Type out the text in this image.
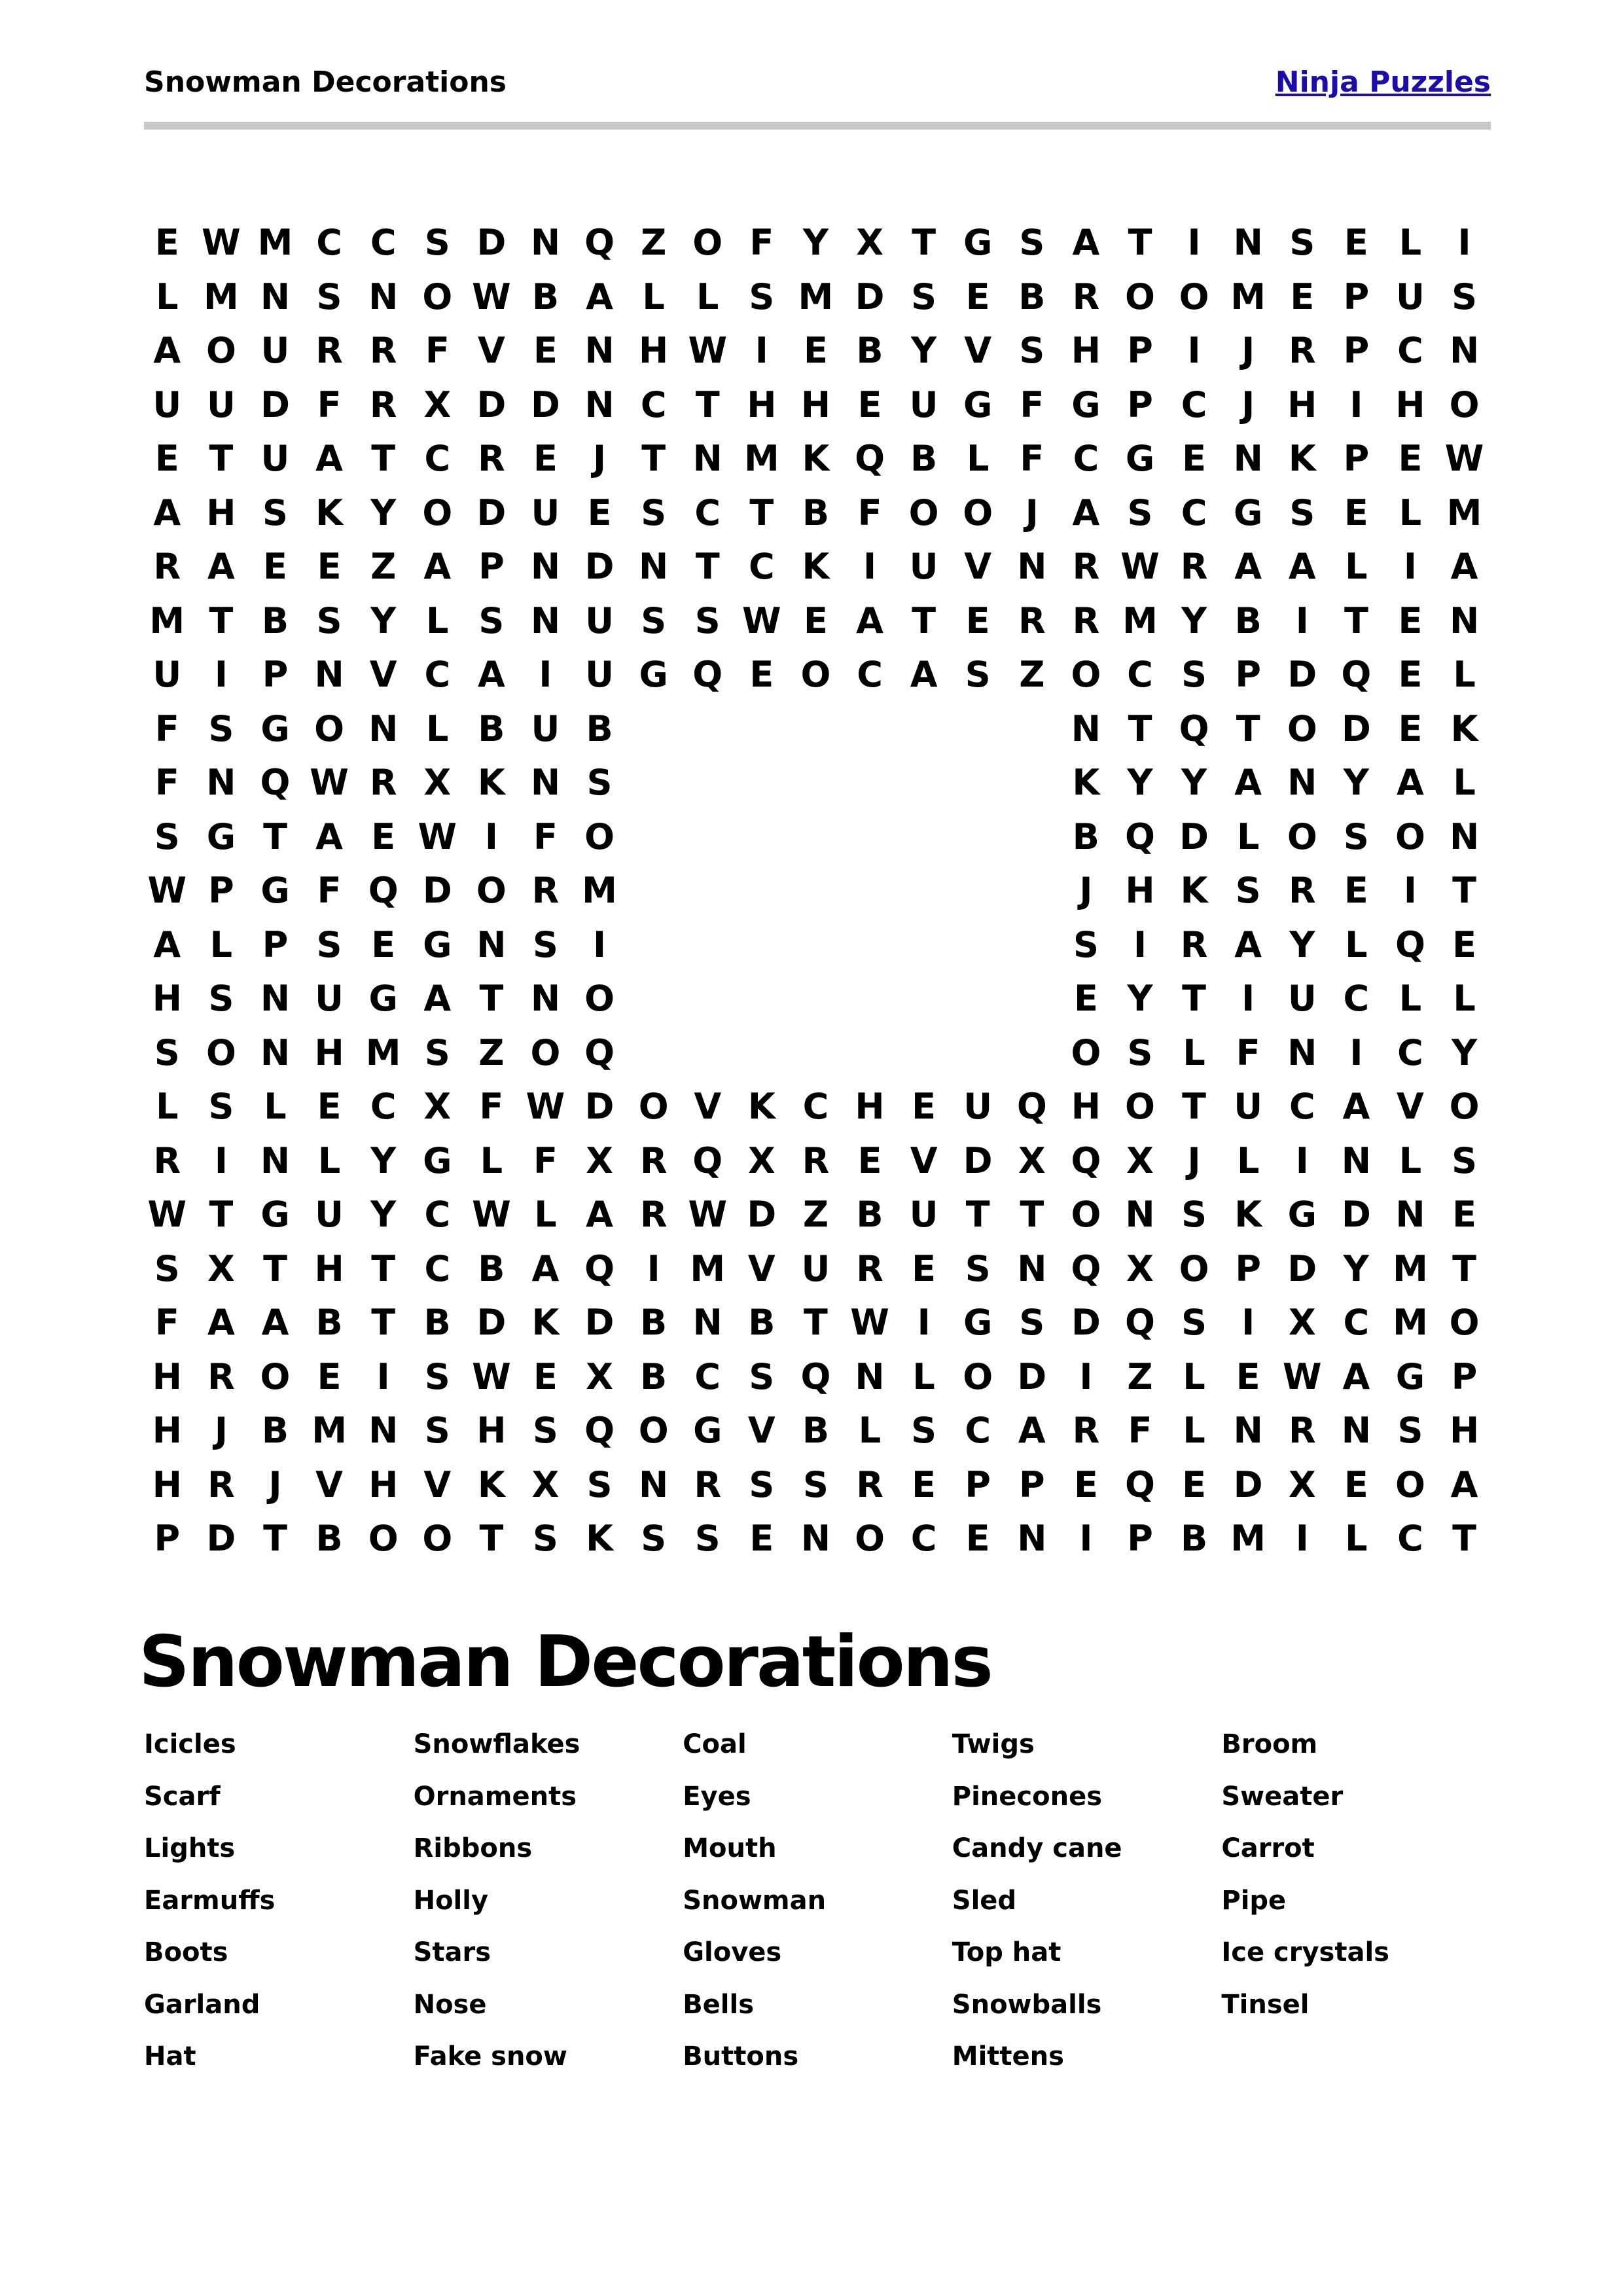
Snowman Decorations	Ninja Puzzles
E W M C C S D N Q Z O F Y X T G S A T	I N S E L	I
L M N S N O W B A L L S M D S E B R O O M E P U S
A O U R R F V E N H W I	E B Y V S H P I	J R P C N
U U D F R X D D N C T H H E U G F G P C J H I H O
E T U A T C R E	J	T N M K Q B L F C G E N K P E W
A H S K Y O D U E S C T B F O O J A S C G S E L M
R A E E Z A P N D N T C K I U V N R W R A A L	I A
M T B S Y L S N U S S W E A T E R R M Y B I	T E N
U I P N V C A I U G Q E O C A S Z O C S P D Q E L
F S G O N L B U B	N T Q T O D E K
F N Q W R X K N S	K Y Y A N Y A L
S G T A E W I	F O	B Q D L O S O N
W P G F Q D O R M	J H K S R E	I	T
A L P S E G N S I	S I R A Y L Q E
H S N U G A T N O	E Y T	I U C L L
S O N H M S Z O Q	O S L F N I C Y
L S L E C X F W D O V K C H E U Q H O T U C A V O
R I N L Y G L F X R Q X R E V D X Q X J	L	I N L S
W T G U Y C W L A R W D Z B U T T O N S K G D N E
S X T H T C B A Q I M V U R E S N Q X O P D Y M T
F A A B T B D K D B N B T W I G S D Q S I X C M O
H R O E	I S W E X B C S Q N L O D I Z L E W A G P
H J B M N S H S Q O G V B L S C A R F L N R N S H
H R J V H V K X S N R S S R E P P E Q E D X E O A
P D T B O O T S K S S E N O C E N I P B M I	L C T
Snowman Decorations
Icicles	Snowflakes	Coal	Twigs	Broom
Scarf	Ornaments	Eyes	Pinecones	Sweater
Lights	Ribbons	Mouth	Candy cane	Carrot
Earmuffs	Holly	Snowman	Sled	Pipe
Boots	Stars	Gloves	Top hat	Ice crystals
Garland	Nose	Bells	Snowballs	Tinsel
Hat	Fake snow	Buttons	Mittens
